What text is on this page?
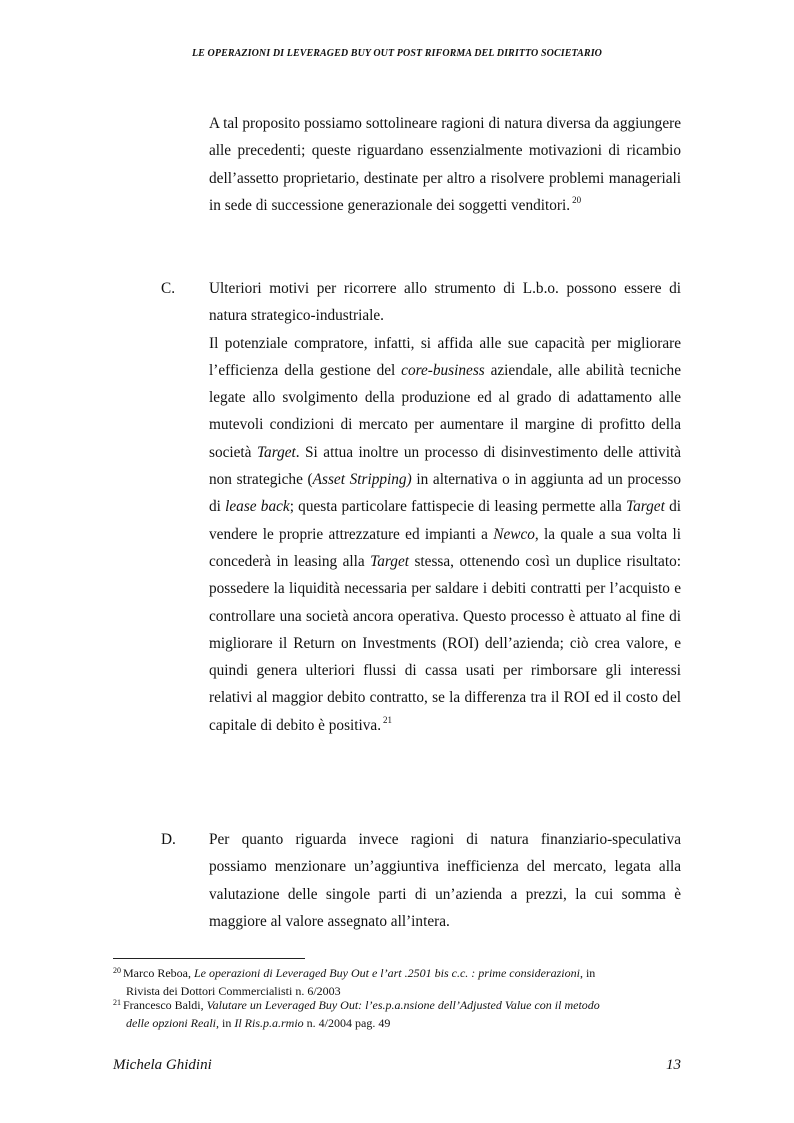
LE OPERAZIONI DI LEVERAGED BUY OUT POST RIFORMA DEL DIRITTO SOCIETARIO
A tal proposito possiamo sottolineare ragioni di natura diversa da aggiungere alle precedenti; queste riguardano essenzialmente motivazioni di ricambio dell’assetto proprietario, destinate per altro a risolvere problemi manageriali in sede di successione generazionale dei soggetti venditori. $^{20}$
C. Ulteriori motivi per ricorrere allo strumento di L.b.o. possono essere di natura strategico-industriale.

Il potenziale compratore, infatti, si affida alle sue capacità per migliorare l’efficienza della gestione del core-business aziendale, alle abilità tecniche legate allo svolgimento della produzione ed al grado di adattamento alle mutevoli condizioni di mercato per aumentare il margine di profitto della società Target. Si attua inoltre un processo di disinvestimento delle attività non strategiche (Asset Stripping) in alternativa o in aggiunta ad un processo di lease back; questa particolare fattispecie di leasing permette alla Target di vendere le proprie attrezzature ed impianti a Newco, la quale a sua volta li concederà in leasing alla Target stessa, ottenendo così un duplice risultato: possedere la liquidità necessaria per saldare i debiti contratti per l’acquisto e controllare una società ancora operativa. Questo processo è attuato al fine di migliorare il Return on Investments (ROI) dell’azienda; ciò crea valore, e quindi genera ulteriori flussi di cassa usati per rimborsare gli interessi relativi al maggior debito contratto, se la differenza tra il ROI ed il costo del capitale di debito è positiva. $^{21}$

D. Per quanto riguarda invece ragioni di natura finanziario-speculativa possiamo menzionare un’aggiuntiva inefficienza del mercato, legata alla valutazione delle singole parti di un’azienda a prezzi, la cui somma è maggiore al valore assegnato all’intera.
$^{20}$ Marco Reboa, Le operazioni di Leveraged Buy Out e l’art .2501 bis c.c. : prime considerazioni, in
Rivista dei Dottori Commercialisti n. 6/2003
$^{21}$ Francesco Baldi, Valutare un Leveraged Buy Out: l’es.p.a.nsione dell’Adjusted Value con il metodo
delle opzioni Reali, in Il Ris.p.a.rmio n. 4/2004 pag. 49
Michela Ghidini	13
